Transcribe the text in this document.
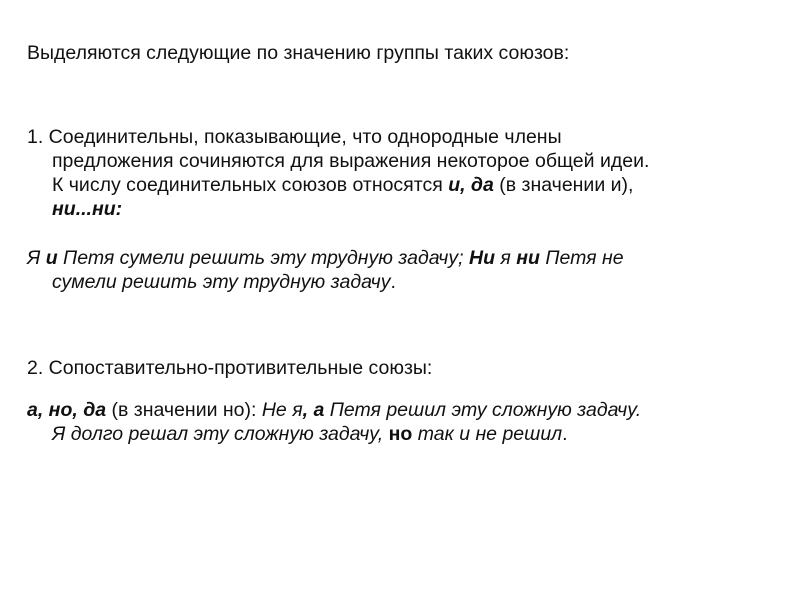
Выделяются следующие по значению группы таких союзов:

1. Соединительны, показывающие, что однородные члены
предложения сочиняются для выражения некоторое общей идеи.
К числу соединительных союзов относятся и, да (в значении и),
ни...ни:
Я и Петя сумели решить эту трудную задачу; Ни я ни Петя не
сумели решить эту трудную задачу.

2. Сопоставительно-противительные союзы:

а, но, да (в значении но): Не я, а Петя решил эту сложную задачу.
Я долго решал эту сложную задачу, но так и не решил.
